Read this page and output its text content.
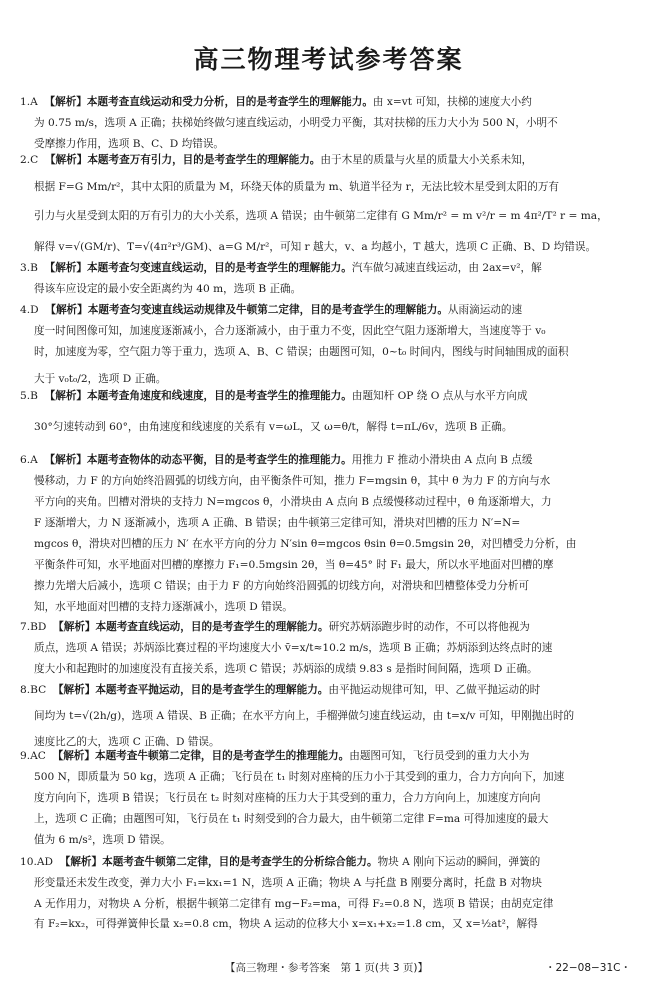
高三物理考试参考答案

1.A 【解析】本题考查直线运动和受力分析，目的是考查学生的理解能力。由 x=vt 可知，扶梯的速度大小约

为 0.75 m/s，选项 A 正确；扶梯始终做匀速直线运动，小明受力平衡，其对扶梯的压力大小为 500 N，小明不

受摩擦力作用，选项 B、C、D 均错误。

2.C 【解析】本题考查万有引力，目的是考查学生的理解能力。由于木星的质量与火星的质量大小关系未知，

根据 F=G Mm/r²，其中太阳的质量为 M，环绕天体的质量为 m、轨道半径为 r，无法比较木星受到太阳的万有

引力与火星受到太阳的万有引力的大小关系，选项 A 错误；由牛顿第二定律有 G Mm/r² = m v²/r = m 4π²/T² r = ma，

解得 v=√(GM/r)、T=√(4π²r³/GM)、a=G M/r²，可知 r 越大，v、a 均越小，T 越大，选项 C 正确、B、D 均错误。

3.B 【解析】本题考查匀变速直线运动，目的是考查学生的理解能力。汽车做匀减速直线运动，由 2ax=v²，解

得该车应设定的最小安全距离约为 40 m，选项 B 正确。

4.D 【解析】本题考查匀变速直线运动规律及牛顿第二定律，目的是考查学生的理解能力。从雨滴运动的速

度一时间图像可知，加速度逐渐减小，合力逐渐减小，由于重力不变，因此空气阻力逐渐增大，当速度等于 v₀

时，加速度为零，空气阻力等于重力，选项 A、B、C 错误；由题图可知，0~t₀ 时间内，图线与时间轴围成的面积

大于 v₀t₀/2，选项 D 正确。

5.B 【解析】本题考查角速度和线速度，目的是考查学生的推理能力。由题知杆 OP 绕 O 点从与水平方向成

30°匀速转动到 60°，由角速度和线速度的关系有 v=ωL，又 ω=θ/t，解得 t=πL/6v，选项 B 正确。

6.A 【解析】本题考查物体的动态平衡，目的是考查学生的推理能力。用推力 F 推动小滑块由 A 点向 B 点缓

慢移动，力 F 的方向始终沿圆弧的切线方向，由平衡条件可知，推力 F=mgsin θ，其中 θ 为力 F 的方向与水

平方向的夹角。凹槽对滑块的支持力 N=mgcos θ，小滑块由 A 点向 B 点缓慢移动过程中，θ 角逐渐增大，力

F 逐渐增大，力 N 逐渐减小，选项 A 正确、B 错误；由牛顿第三定律可知，滑块对凹槽的压力 N′=N=

mgcos θ，滑块对凹槽的压力 N′ 在水平方向的分力 N′sin θ=mgcos θsin θ=0.5mgsin 2θ，对凹槽受力分析，由

平衡条件可知，水平地面对凹槽的摩擦力 F₁=0.5mgsin 2θ，当 θ=45° 时 F₁ 最大，所以水平地面对凹槽的摩

擦力先增大后减小，选项 C 错误；由于力 F 的方向始终沿圆弧的切线方向，对滑块和凹槽整体受力分析可

知，水平地面对凹槽的支持力逐渐减小，选项 D 错误。

7.BD 【解析】本题考查直线运动，目的是考查学生的理解能力。研究苏炳添跑步时的动作，不可以将他视为

质点，选项 A 错误；苏炳添比赛过程的平均速度大小 v̄=x/t≈10.2 m/s，选项 B 正确；苏炳添到达终点时的速

度大小和起跑时的加速度没有直接关系，选项 C 错误；苏炳添的成绩 9.83 s 是指时间间隔，选项 D 正确。

8.BC 【解析】本题考查平抛运动，目的是考查学生的理解能力。由平抛运动规律可知，甲、乙做平抛运动的时

间均为 t=√(2h/g)，选项 A 错误、B 正确；在水平方向上，手榴弹做匀速直线运动，由 t=x/v 可知，甲刚抛出时的

速度比乙的大，选项 C 正确、D 错误。

9.AC 【解析】本题考查牛顿第二定律，目的是考查学生的推理能力。由题图可知，飞行员受到的重力大小为

500 N，即质量为 50 kg，选项 A 正确；飞行员在 t₁ 时刻对座椅的压力小于其受到的重力，合力方向向下，加速

度方向向下，选项 B 错误；飞行员在 t₂ 时刻对座椅的压力大于其受到的重力，合力方向向上，加速度方向向

上，选项 C 正确；由题图可知，飞行员在 t₁ 时刻受到的合力最大，由牛顿第二定律 F=ma 可得加速度的最大

值为 6 m/s²，选项 D 错误。

10.AD 【解析】本题考查牛顿第二定律，目的是考查学生的分析综合能力。物块 A 刚向下运动的瞬间，弹簧的

【高三物理・参考答案　第 1 页(共 3 页)】	・22−08−31C・

形变量还未发生改变，弹力大小 F₁=kx₁=1 N，选项 A 正确；物块 A 与托盘 B 刚要分离时，托盘 B 对物块

A 无作用力，对物块 A 分析，根据牛顿第二定律有 mg−F₂=ma，可得 F₂=0.8 N，选项 B 错误；由胡克定律

有 F₂=kx₂，可得弹簧伸长量 x₂=0.8 cm，物块 A 运动的位移大小 x=x₁+x₂=1.8 cm，又 x=½at²，解得
